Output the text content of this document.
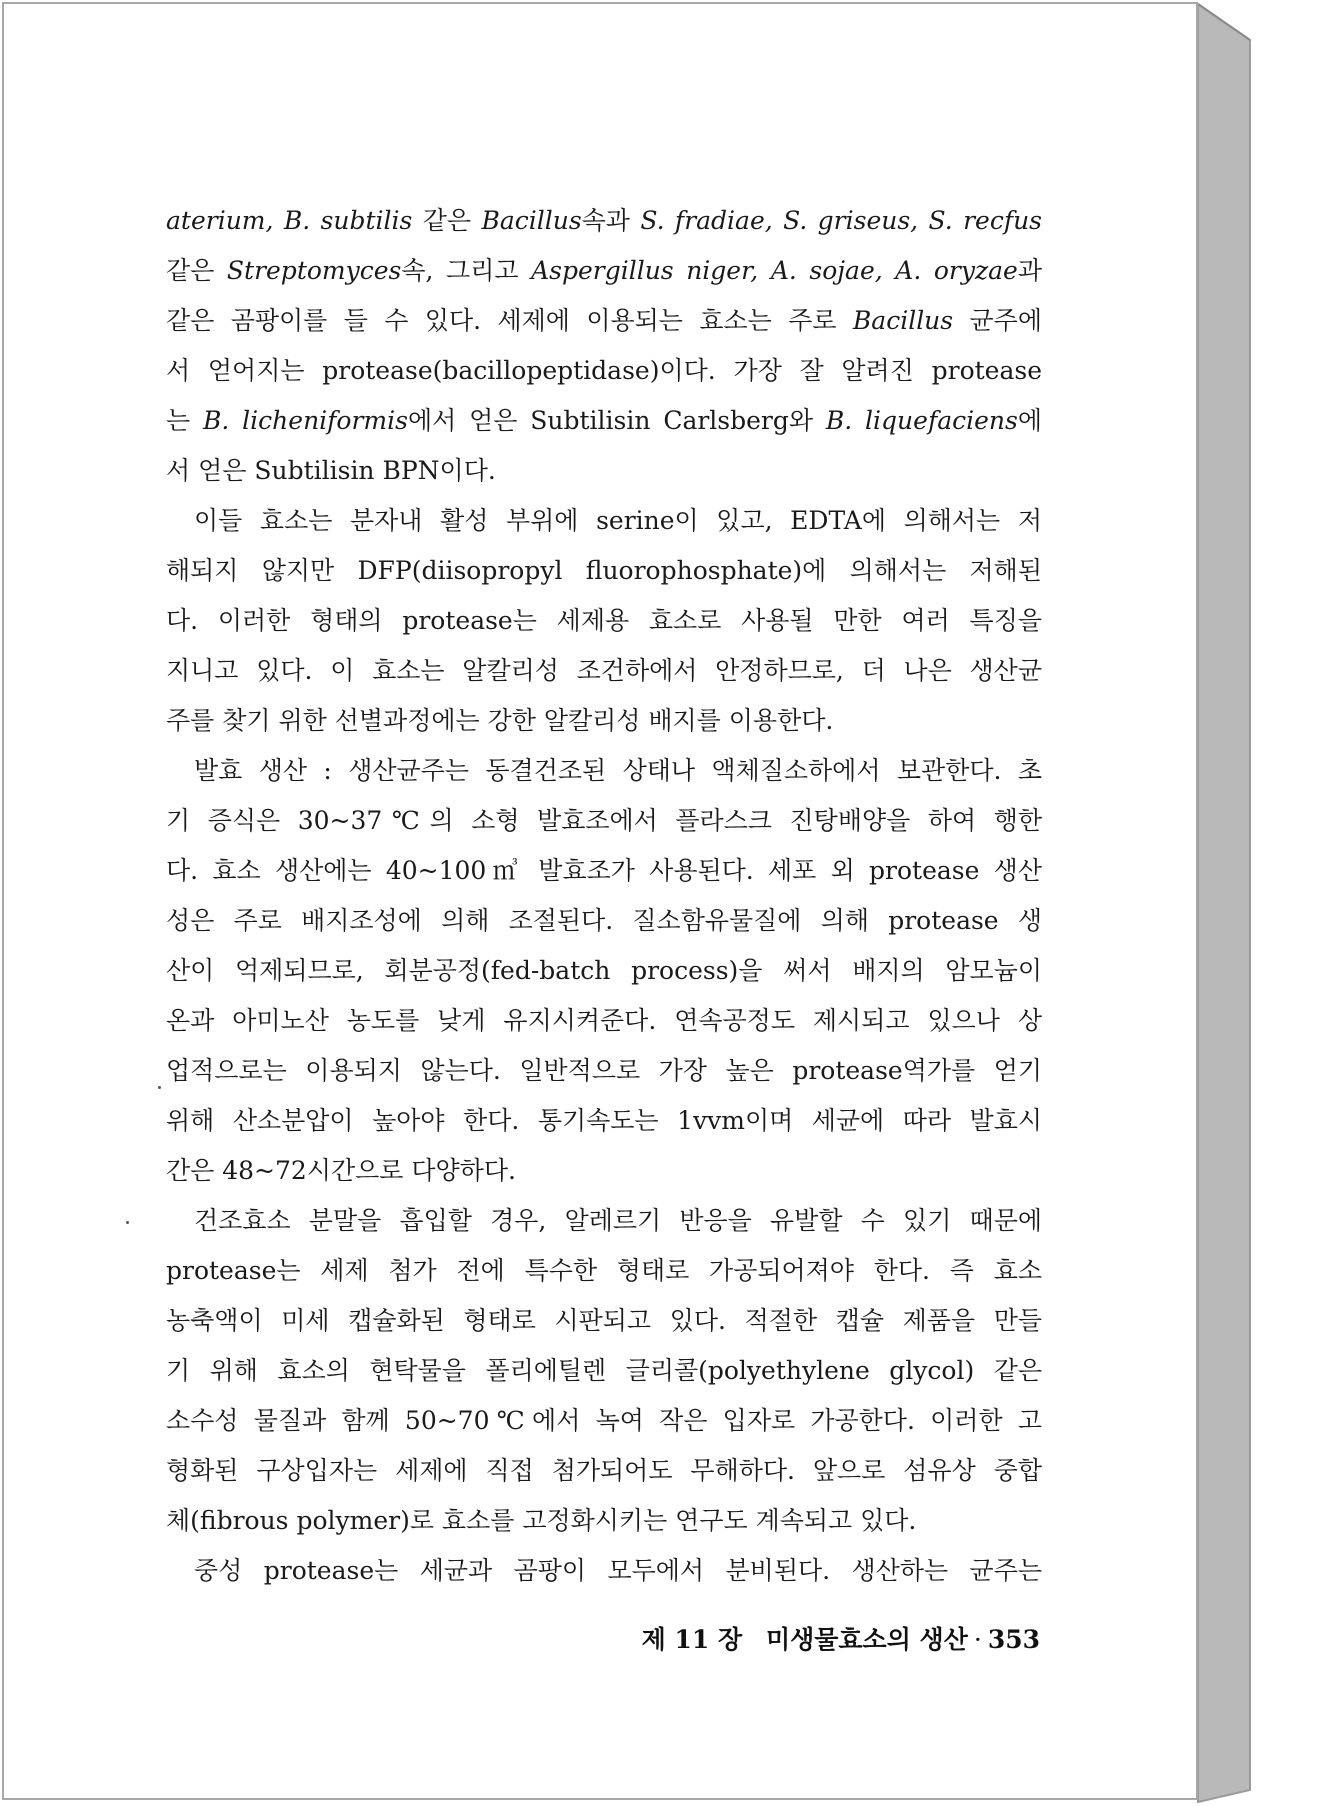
aterium, B. subtilis 같은 Bacillus속과 S. fradiae, S. griseus, S. recfus
같은 Streptomyces속, 그리고 Aspergillus niger, A. sojae, A. oryzae과
같은 곰팡이를 들 수 있다. 세제에 이용되는 효소는 주로 Bacillus 균주에
서 얻어지는 protease(bacillopeptidase)이다. 가장 잘 알려진 protease
는 B. licheniformis에서 얻은 Subtilisin Carlsberg와 B. liquefaciens에
서 얻은 Subtilisin BPN이다.
이들 효소는 분자내 활성 부위에 serine이 있고, EDTA에 의해서는 저
해되지 않지만 DFP(diisopropyl fluorophosphate)에 의해서는 저해된
다. 이러한 형태의 protease는 세제용 효소로 사용될 만한 여러 특징을
지니고 있다. 이 효소는 알칼리성 조건하에서 안정하므로, 더 나은 생산균
주를 찾기 위한 선별과정에는 강한 알칼리성 배지를 이용한다.
발효 생산 : 생산균주는 동결건조된 상태나 액체질소하에서 보관한다. 초
기 증식은 30~37℃의 소형 발효조에서 플라스크 진탕배양을 하여 행한
다. 효소 생산에는 40~100㎥ 발효조가 사용된다. 세포 외 protease 생산
성은 주로 배지조성에 의해 조절된다. 질소함유물질에 의해 protease 생
산이 억제되므로, 회분공정(fed-batch process)을 써서 배지의 암모늄이
온과 아미노산 농도를 낮게 유지시켜준다. 연속공정도 제시되고 있으나 상
업적으로는 이용되지 않는다. 일반적으로 가장 높은 protease역가를 얻기
위해 산소분압이 높아야 한다. 통기속도는 1vvm이며 세균에 따라 발효시
간은 48~72시간으로 다양하다.
건조효소 분말을 흡입할 경우, 알레르기 반응을 유발할 수 있기 때문에
protease는 세제 첨가 전에 특수한 형태로 가공되어져야 한다. 즉 효소
농축액이 미세 캡슐화된 형태로 시판되고 있다. 적절한 캡슐 제품을 만들
기 위해 효소의 현탁물을 폴리에틸렌 글리콜(polyethylene glycol) 같은
소수성 물질과 함께 50~70℃에서 녹여 작은 입자로 가공한다. 이러한 고
형화된 구상입자는 세제에 직접 첨가되어도 무해하다. 앞으로 섬유상 중합
체(fibrous polymer)로 효소를 고정화시키는 연구도 계속되고 있다.
중성 protease는 세균과 곰팡이 모두에서 분비된다. 생산하는 균주는
제 11 장 미생물효소의 생산 · 353
